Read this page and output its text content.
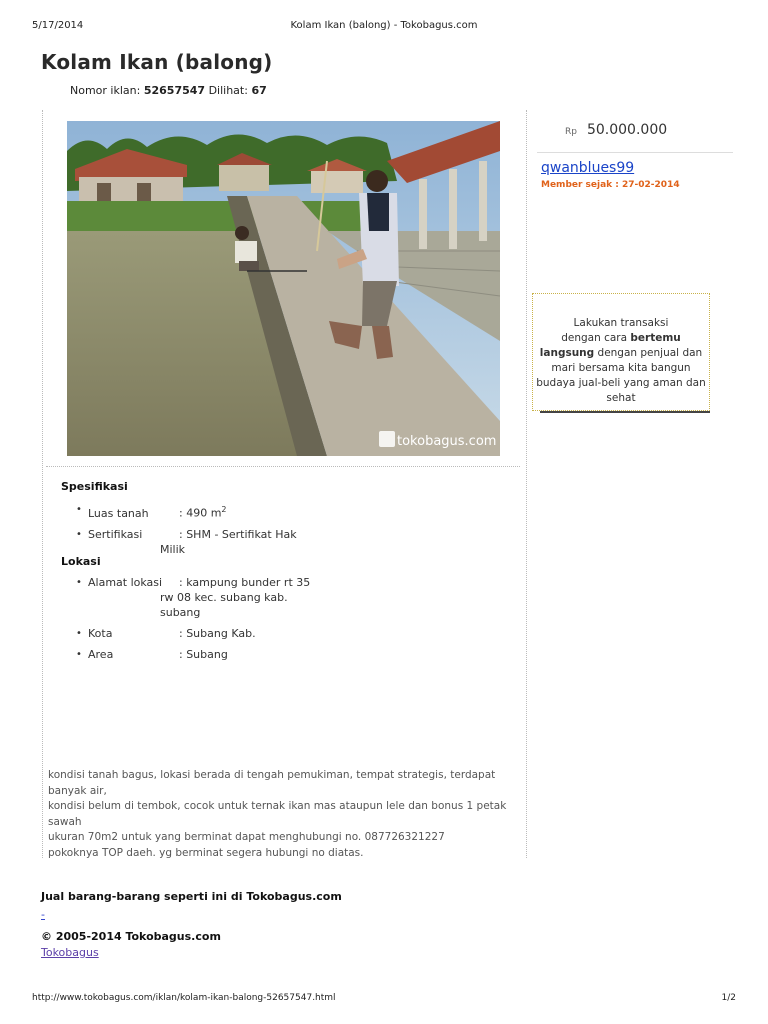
5/17/2014	Kolam Ikan (balong) - Tokobagus.com
Kolam Ikan (balong)
Nomor iklan: 52657547 Dilihat: 67
tokobagus.com
Spesifikasi
• Luas tanah	: 490 $m^2$
• Sertifikasi	: SHM - Sertifikat Hak
Milik
Lokasi
• Alamat lokasi : kampung bunder rt 35
rw 08 kec. subang kab.
subang
• Kota	: Subang Kab.
• Area	: Subang
kondisi tanah bagus, lokasi berada di tengah pemukiman, tempat strategis, terdapat banyak air,
kondisi belum di tembok, cocok untuk ternak ikan mas ataupun lele dan bonus 1 petak sawah
ukuran 70m2 untuk yang berminat dapat menghubungi no. 087726321227
pokoknya TOP daeh. yg berminat segera hubungi no diatas.
Rp 50.000.000
qwanblues99
Member sejak : 27-02-2014
Lakukan transaksi
dengan cara bertemu
langsung dengan penjual dan
mari bersama kita bangun
budaya jual-beli yang aman dan
sehat
Jual barang-barang seperti ini di Tokobagus.com
-
© 2005-2014 Tokobagus.com
Tokobagus
http://www.tokobagus.com/iklan/kolam-ikan-balong-52657547.html	1/2
